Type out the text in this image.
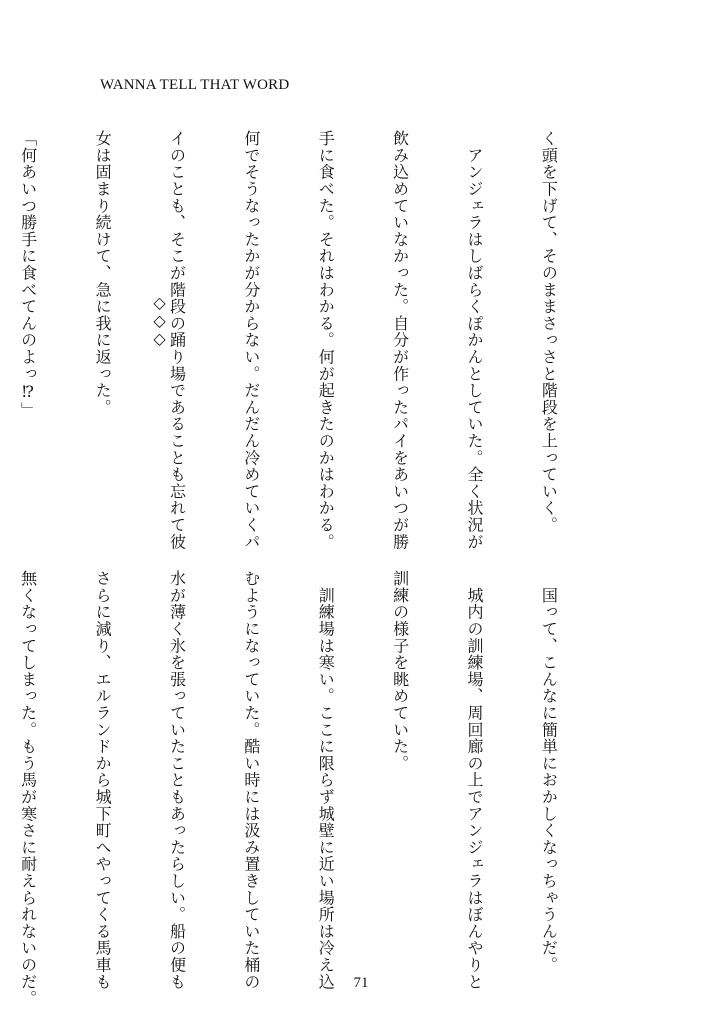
WANNA TELL THAT WORD

く頭を下げて、そのままさっさと階段を上っていく。

　アンジェラはしばらくぽかんとしていた。全く状況が

飲み込めていなかった。自分が作ったパイをあいつが勝

手に食べた。それはわかる。何が起きたのかはわかる。

何でそうなったかが分からない。だんだん冷めていくパ

イのことも、そこが階段の踊り場であることも忘れて彼

女は固まり続けて、急に我に返った。

「何あいつ勝手に食べてんのよっ⁉」

	◇◇◇

　国って、こんなに簡単におかしくなっちゃうんだ。

　城内の訓練場、周回廊の上でアンジェラはぼんやりと

訓練の様子を眺めていた。

　訓練場は寒い。ここに限らず城壁に近い場所は冷え込

むようになっていた。酷い時には汲み置きしていた桶の

水が薄く氷を張っていたこともあったらしい。船の便も

さらに減り、エルランドから城下町へやってくる馬車も

無くなってしまった。もう馬が寒さに耐えられないのだ。

	71
